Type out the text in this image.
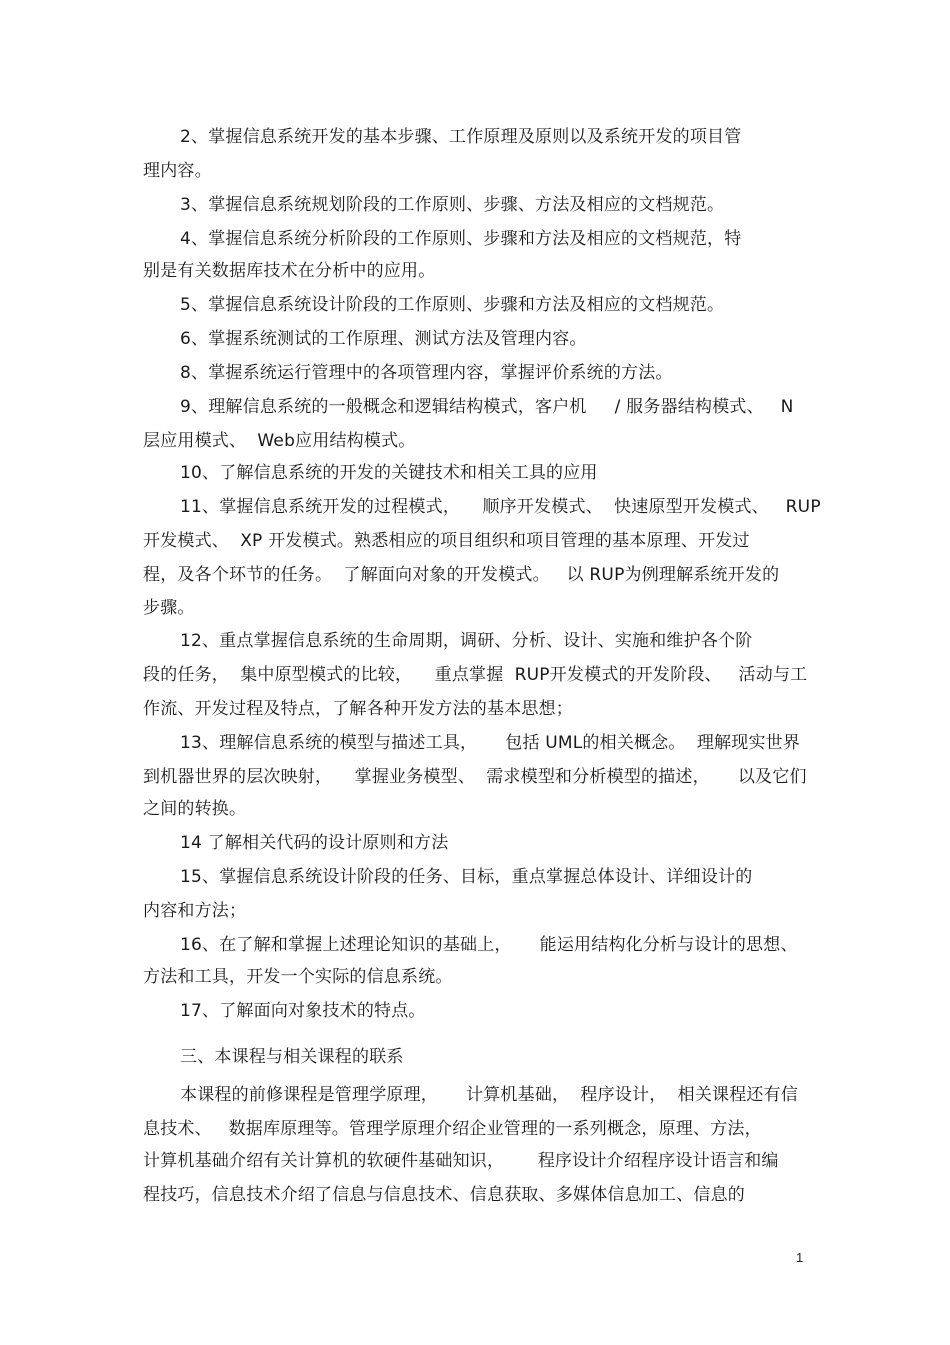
2、掌握信息系统开发的基本步骤、工作原理及原则以及系统开发的项目管
理内容。
3、掌握信息系统规划阶段的工作原则、步骤、方法及相应的文档规范。
4、掌握信息系统分析阶段的工作原则、步骤和方法及相应的文档规范，特
别是有关数据库技术在分析中的应用。
5、掌握信息系统设计阶段的工作原则、步骤和方法及相应的文档规范。
6、掌握系统测试的工作原理、测试方法及管理内容。
8、掌握系统运行管理中的各项管理内容，掌握评价系统的方法。
9、理解信息系统的一般概念和逻辑结构模式，客户机     / 服务器结构模式、   N
层应用模式、  Web应用结构模式。
10、了解信息系统的开发的关键技术和相关工具的应用
11、掌握信息系统开发的过程模式，    顺序开发模式、  快速原型开发模式、   RUP
开发模式、  XP 开发模式。熟悉相应的项目组织和项目管理的基本原理、开发过
程，及各个环节的任务。  了解面向对象的开发模式。   以 RUP为例理解系统开发的
步骤。
12、重点掌握信息系统的生命周期，调研、分析、设计、实施和维护各个阶
段的任务，  集中原型模式的比较，    重点掌握  RUP开发模式的开发阶段、   活动与工
作流、开发过程及特点，了解各种开发方法的基本思想；
13、理解信息系统的模型与描述工具，     包括 UML的相关概念。  理解现实世界
到机器世界的层次映射，    掌握业务模型、  需求模型和分析模型的描述，     以及它们
之间的转换。
14 了解相关代码的设计原则和方法
15、掌握信息系统设计阶段的任务、目标，重点掌握总体设计、详细设计的
内容和方法；
16、在了解和掌握上述理论知识的基础上，     能运用结构化分析与设计的思想、
方法和工具，开发一个实际的信息系统。
17、了解面向对象技术的特点。
三、本课程与相关课程的联系
本课程的前修课程是管理学原理，     计算机基础，  程序设计，  相关课程还有信
息技术、   数据库原理等。管理学原理介绍企业管理的一系列概念，原理、方法，
计算机基础介绍有关计算机的软硬件基础知识，      程序设计介绍程序设计语言和编
程技巧，信息技术介绍了信息与信息技术、信息获取、多媒体信息加工、信息的
1
